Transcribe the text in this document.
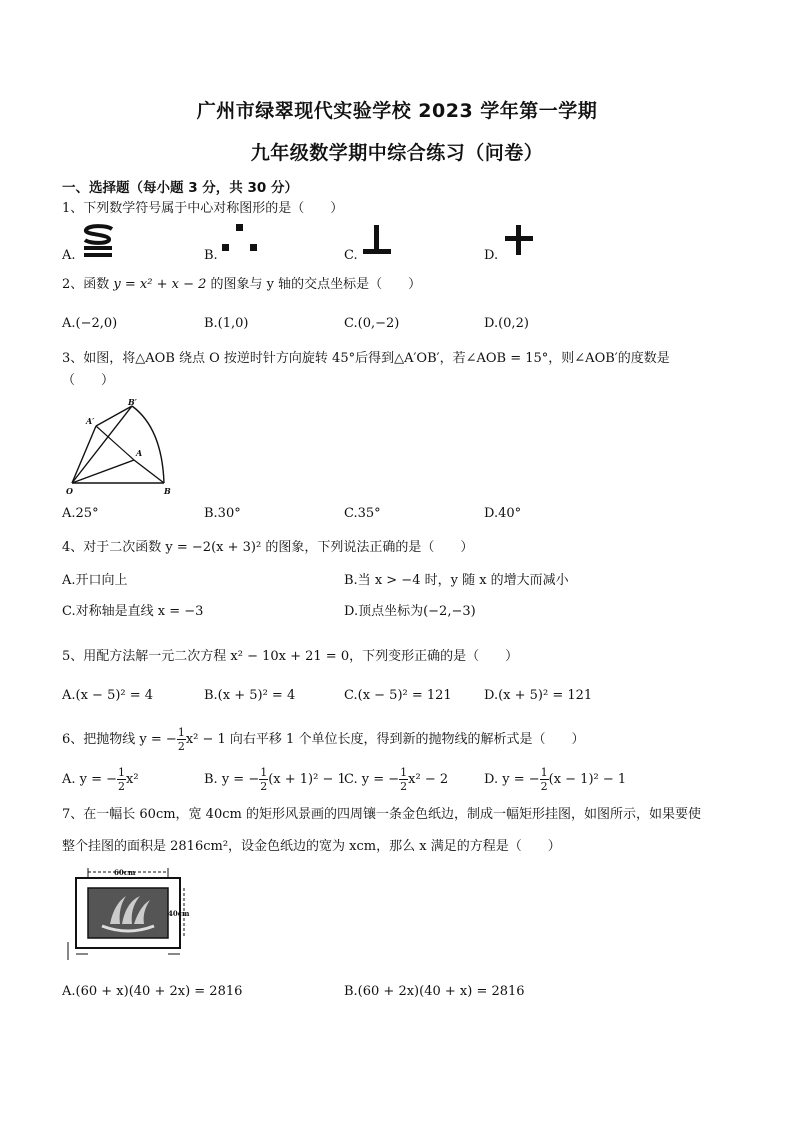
广州市绿翠现代实验学校 2023 学年第一学期
九年级数学期中综合练习（问卷）
一、选择题（每小题 3 分，共 30 分）
1、下列数学符号属于中心对称图形的是（　　）
A.	B.	C.	D.
2、函数 y = x² + x − 2 的图象与 y 轴的交点坐标是（　　）
A.(−2,0)	B.(1,0)	C.(0,−2)	D.(0,2)
3、如图，将△AOB 绕点 O 按逆时针方向旋转 45°后得到△A′OB′，若∠AOB = 15°，则∠AOB′的度数是
（　　）
B′
A′
A
O	B
A.25°	B.30°	C.35°	D.40°
4、对于二次函数 y = −2(x + 3)² 的图象，下列说法正确的是（　　）
A.开口向上	B.当 x > −4 时，y 随 x 的增大而减小
C.对称轴是直线 x = −3	D.顶点坐标为(−2,−3)
5、用配方法解一元二次方程 x² − 10x + 21 = 0，下列变形正确的是（　　）
A.(x − 5)² = 4	B.(x + 5)² = 4	C.(x − 5)² = 121 D.(x + 5)² = 121
6、把抛物线 y = − $\frac{1}{2} x^2 - 1$ 向右平移 1 个单位长度，得到新的抛物线的解析式是（　　）
A. y = − $\frac{1}{2} x^2$	B. y = − $\frac{1}{2} (x + 1)^2 - 1$
C. y = − $\frac{1}{2} x^2 - 2$	D. y = − $\frac{1}{2} (x - 1)^2 - 1$
7、在一幅长 60cm，宽 40cm 的矩形风景画的四周镶一条金色纸边，制成一幅矩形挂图，如图所示，如果要使
整个挂图的面积是 2816cm²，设金色纸边的宽为 xcm，那么 x 满足的方程是（　　）
60cm
40cm
A.(60 + x)(40 + 2x) = 2816	B.(60 + 2x)(40 + x) = 2816
